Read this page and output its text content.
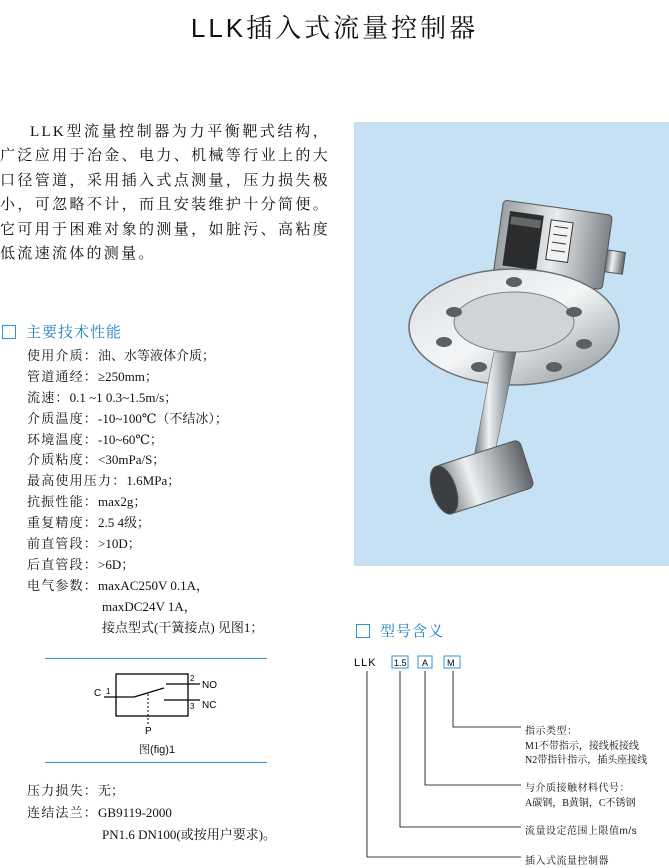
LLK插入式流量控制器

LLK型流量控制器为力平衡靶式结构，广泛应用于冶金、电力、机械等行业上的大口径管道，采用插入式点测量，压力损失极小，可忽略不计，而且安装维护十分简便。它可用于困难对象的测量，如脏污、高粘度低流速流体的测量。

主要技术性能
使用介质：油、水等液体介质；
管道通经：≥250mm；
流速：0.1 ~1 0.3~1.5m/s；
介质温度：-10~100℃（不结冰）；
环境温度：-10~60℃；
介质粘度：<30mPa/S；
最高使用压力：1.6MPa；
抗振性能：max2g；
重复精度：2.5 4级；
前直管段：>10D；
后直管段：>6D；
电气参数：maxAC250V 0.1A，
maxDC24V 1A，
接点型式(干簧接点) 见图1；
C 1
2
3
NO
NC
P
图(fig)1
压力损失：无；
连结法兰：GB9119-2000
PN1.6 DN100(或按用户要求)。
型号含义
LLK 1.5 A M
指示类型：
M1不带指示，接线板接线
N2带指针指示，插头座接线
与介质接触材料代号：
A碳钢，B黄铜，C不锈钢
流量设定范围上限值m/s
插入式流量控制器
